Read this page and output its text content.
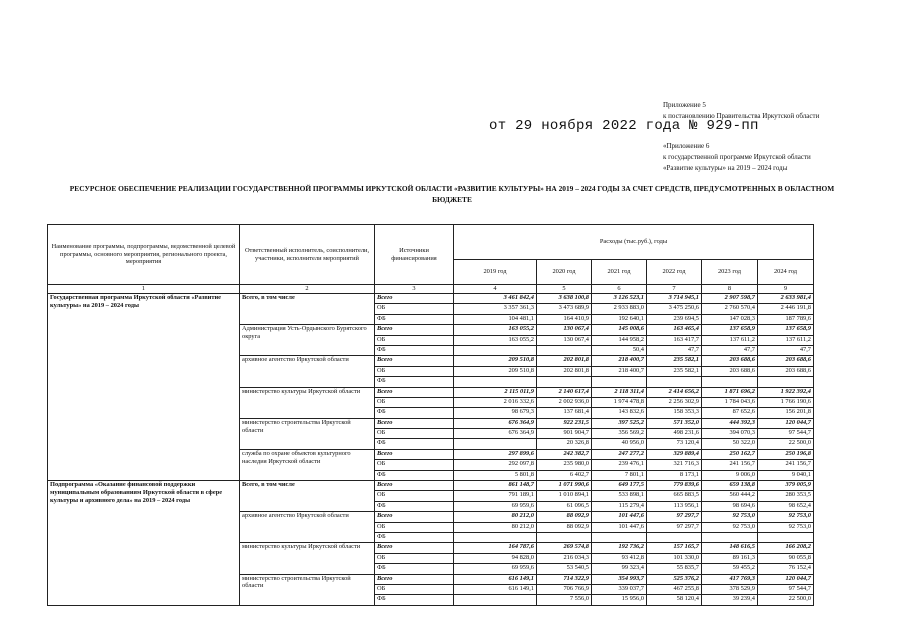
Приложение 5
к постановлению Правительства Иркутской области
от 29 ноября 2022 года № 929-пп
«Приложение 6
к государственной программе Иркутской области
«Развитие культуры» на 2019 – 2024 годы
РЕСУРСНОЕ ОБЕСПЕЧЕНИЕ РЕАЛИЗАЦИИ ГОСУДАРСТВЕННОЙ ПРОГРАММЫ ИРКУТСКОЙ ОБЛАСТИ «РАЗВИТИЕ КУЛЬТУРЫ» НА 2019 – 2024 ГОДЫ ЗА СЧЕТ СРЕДСТВ, ПРЕДУСМОТРЕННЫХ В ОБЛАСТНОМ БЮДЖЕТЕ
Наименование программы, подпрограммы, ведомственной целевой программы, основного мероприятия, регионального проекта, мероприятия	Ответственный исполнитель, соисполнители, участники, исполнители мероприятий	Источники финансирования	Расходы (тыс.руб.), годы					
			2019 год	2020 год	2021 год	2022 год	2023 год	2024 год
1	2	3	4	5	6	7	8	9
Государственная программа Иркутской области «Развитие культуры» на 2019 – 2024 годы	Всего, в том числе	Всего	3 461 842,4	3 638 100,8	3 126 523,1	3 714 945,1	2 907 598,7	2 633 981,4
		ОБ	3 357 361,3	3 473 689,9	2 933 883,0	3 475 250,6	2 760 570,4	2 446 191,8
		ФБ	104 481,1	164 410,9	192 640,1	239 694,5	147 028,3	187 789,6
	Администрация Усть-Ордынского Бурятского округа	Всего	163 055,2	130 067,4	145 008,6	163 465,4	137 658,9	137 658,9
		ОБ	163 055,2	130 067,4	144 958,2	163 417,7	137 611,2	137 611,2
		ФБ			50,4	47,7	47,7	47,7
	архивное агентство Иркутской области	Всего	209 510,8	202 801,8	218 400,7	235 582,1	203 688,6	203 688,6
		ОБ	209 510,8	202 801,8	218 400,7	235 582,1	203 688,6	203 688,6
		ФБ						
	министерство культуры Иркутской области	Всего	2 115 011,9	2 140 617,4	2 118 311,4	2 414 656,2	1 871 696,2	1 922 392,4
		ОБ	2 016 332,6	2 002 936,0	1 974 478,8	2 256 302,9	1 784 043,6	1 766 190,6
		ФБ	98 679,3	137 681,4	143 832,6	158 353,3	87 652,6	156 201,8
	министерство строительства Иркутской области	Всего	676 364,9	922 231,5	397 525,2	571 352,0	444 392,3	120 044,7
		ОБ	676 364,9	901 904,7	356 569,2	498 231,6	394 070,3	97 544,7
		ФБ		20 326,8	40 956,0	73 120,4	50 322,0	22 500,0
	служба по охране объектов культурного наследия Иркутской области	Всего	297 899,6	242 382,7	247 277,2	329 889,4	250 162,7	250 196,8
		ОБ	292 097,8	235 980,0	239 476,1	321 716,3	241 156,7	241 156,7
		ФБ	5 801,8	6 402,7	7 801,1	8 173,1	9 006,0	9 040,1
Подпрограмма «Оказание финансовой поддержки муниципальным образованиям Иркутской области в сфере культуры и архивного дела» на 2019 – 2024 годы	Всего, в том числе	Всего	861 148,7	1 071 990,6	649 177,5	779 839,6	659 138,8	379 005,9
		ОБ	791 189,1	1 010 894,1	533 898,1	665 883,5	560 444,2	280 353,5
		ФБ	69 959,6	61 096,5	115 279,4	113 956,1	98 694,6	98 652,4
	архивное агентство Иркутской области	Всего	80 212,0	88 092,9	101 447,6	97 297,7	92 753,0	92 753,0
		ОБ	80 212,0	88 092,9	101 447,6	97 297,7	92 753,0	92 753,0
		ФБ						
	министерство культуры Иркутской области	Всего	164 787,6	269 574,8	192 736,2	157 165,7	148 616,5	166 208,2
		ОБ	94 828,0	216 034,3	93 412,8	101 330,0	89 161,3	90 055,8
		ФБ	69 959,6	53 540,5	99 323,4	55 835,7	59 455,2	76 152,4
	министерство строительства Иркутской области	Всего	616 149,1	714 322,9	354 993,7	525 376,2	417 769,3	120 044,7
		ОБ	616 149,1	706 766,9	339 037,7	467 255,8	378 529,9	97 544,7
		ФБ		7 556,0	15 956,0	58 120,4	39 239,4	22 500,0
